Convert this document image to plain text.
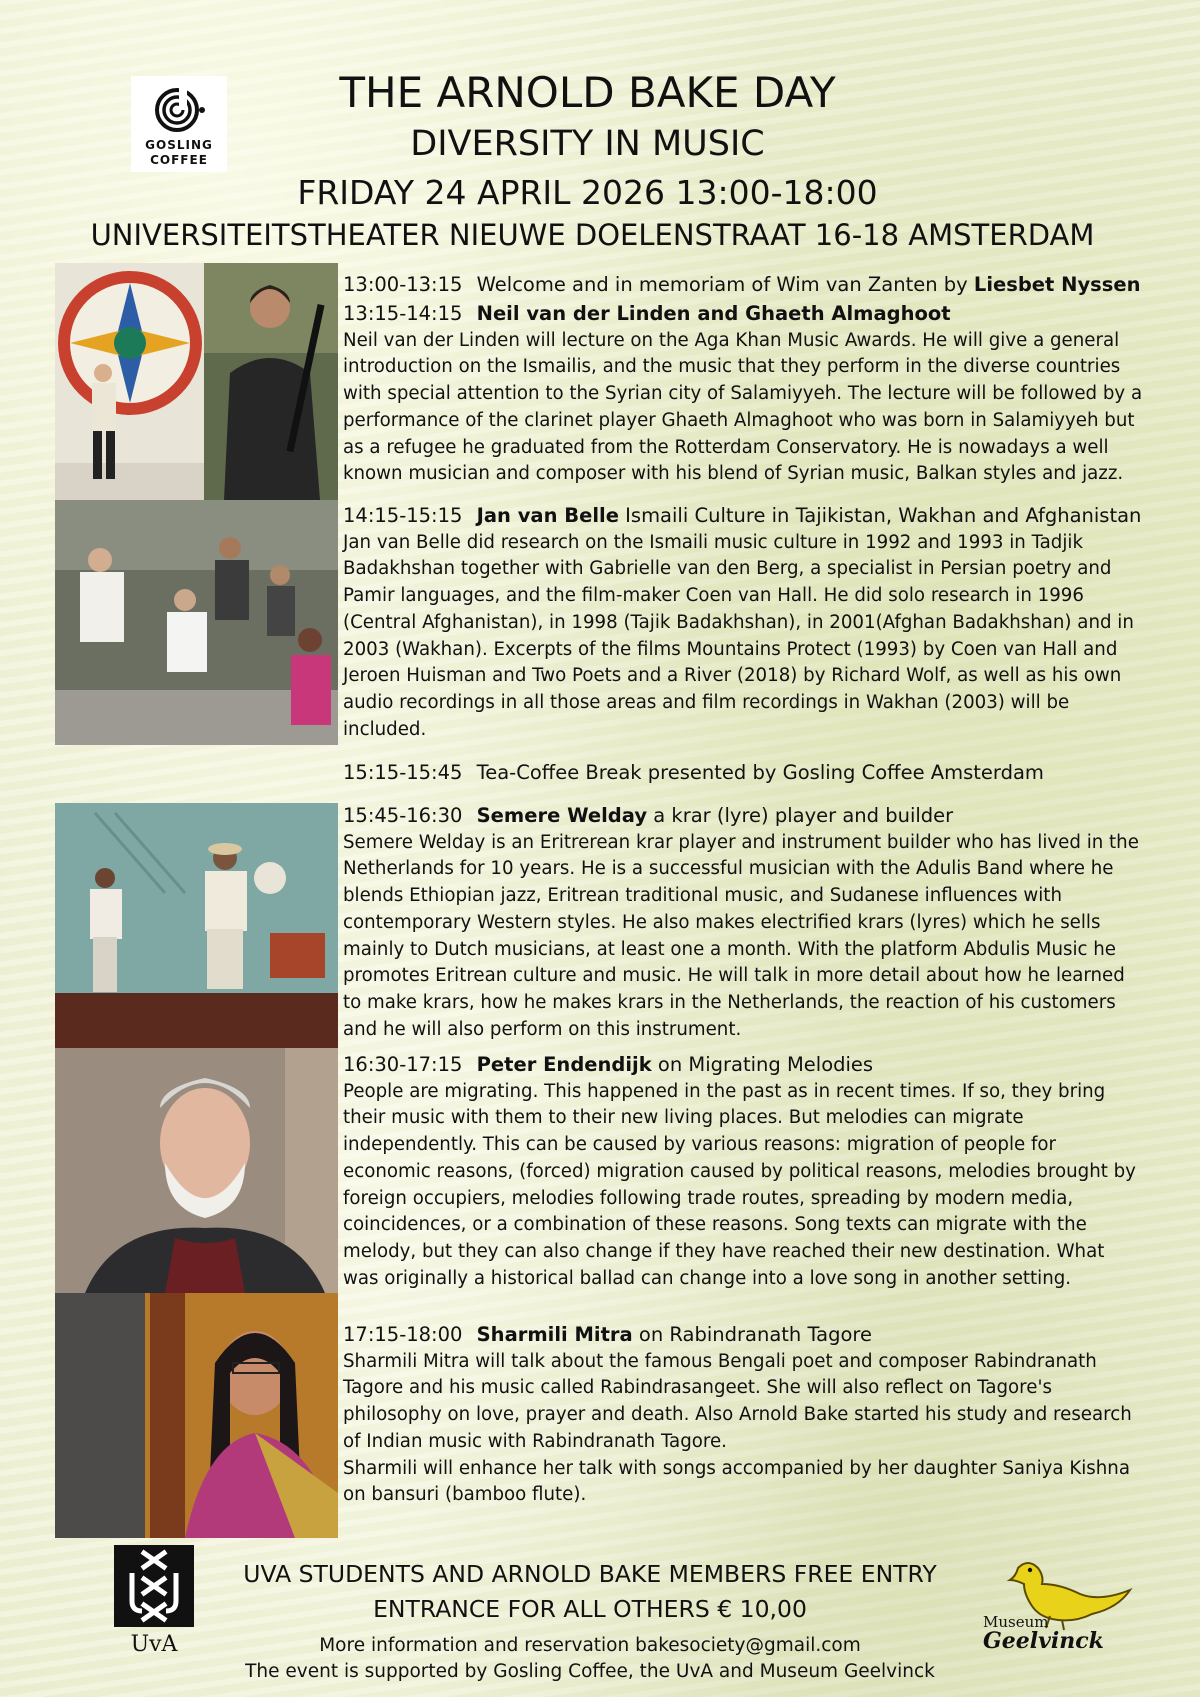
GOSLING
COFFEE
THE ARNOLD BAKE DAY
DIVERSITY IN MUSIC
FRIDAY 24 APRIL 2026 13:00-18:00
UNIVERSITEITSTHEATER NIEUWE DOELENSTRAAT 16-18 AMSTERDAM
13:00-13:15 Welcome and in memoriam of Wim van Zanten by Liesbet Nyssen
13:15-14:15 Neil van der Linden and Ghaeth Almaghoot

Neil van der Linden will lecture on the Aga Khan Music Awards. He will give a general introduction on the Ismailis, and the music that they perform in the diverse countries with special attention to the Syrian city of Salamiyyeh. The lecture will be followed by a performance of the clarinet player Ghaeth Almaghoot who was born in Salamiyyeh but as a refugee he graduated from the Rotterdam Conservatory. He is nowadays a well known musician and composer with his blend of Syrian music, Balkan styles and jazz.

14:15-15:15 Jan van Belle Ismaili Culture in Tajikistan, Wakhan and Afghanistan

Jan van Belle did research on the Ismaili music culture in 1992 and 1993 in Tadjik Badakhshan together with Gabrielle van den Berg, a specialist in Persian poetry and Pamir languages, and the film-maker Coen van Hall. He did solo research in 1996 (Central Afghanistan), in 1998 (Tajik Badakhshan), in 2001(Afghan Badakhshan) and in 2003 (Wakhan). Excerpts of the films Mountains Protect (1993) by Coen van Hall and Jeroen Huisman and Two Poets and a River (2018) by Richard Wolf, as well as his own audio recordings in all those areas and film recordings in Wakhan (2003) will be included.

15:15-15:45 Tea-Coffee Break presented by Gosling Coffee Amsterdam
15:45-16:30 Semere Welday a krar (lyre) player and builder

Semere Welday is an Eritrerean krar player and instrument builder who has lived in the Netherlands for 10 years. He is a successful musician with the Adulis Band where he blends Ethiopian jazz, Eritrean traditional music, and Sudanese influences with contemporary Western styles. He also makes electrified krars (lyres) which he sells mainly to Dutch musicians, at least one a month. With the platform Abdulis Music he promotes Eritrean culture and music. He will talk in more detail about how he learned to make krars, how he makes krars in the Netherlands, the reaction of his customers and he will also perform on this instrument.

16:30-17:15 Peter Endendijk on Migrating Melodies

People are migrating. This happened in the past as in recent times. If so, they bring their music with them to their new living places. But melodies can migrate independently. This can be caused by various reasons: migration of people for economic reasons, (forced) migration caused by political reasons, melodies brought by foreign occupiers, melodies following trade routes, spreading by modern media, coincidences, or a combination of these reasons. Song texts can migrate with the melody, but they can also change if they have reached their new destination. What was originally a historical ballad can change into a love song in another setting.

17:15-18:00 Sharmili Mitra on Rabindranath Tagore

Sharmili Mitra will talk about the famous Bengali poet and composer Rabindranath Tagore and his music called Rabindrasangeet. She will also reflect on Tagore's philosophy on love, prayer and death. Also Arnold Bake started his study and research of Indian music with Rabindranath Tagore.

Sharmili will enhance her talk with songs accompanied by her daughter Saniya Kishna on bansuri (bamboo flute).

UvA
UVA STUDENTS AND ARNOLD BAKE MEMBERS FREE ENTRY
ENTRANCE FOR ALL OTHERS € 10,00
More information and reservation bakesociety@gmail.com
The event is supported by Gosling Coffee, the UvA and Museum Geelvinck
Museum
Geelvinck
